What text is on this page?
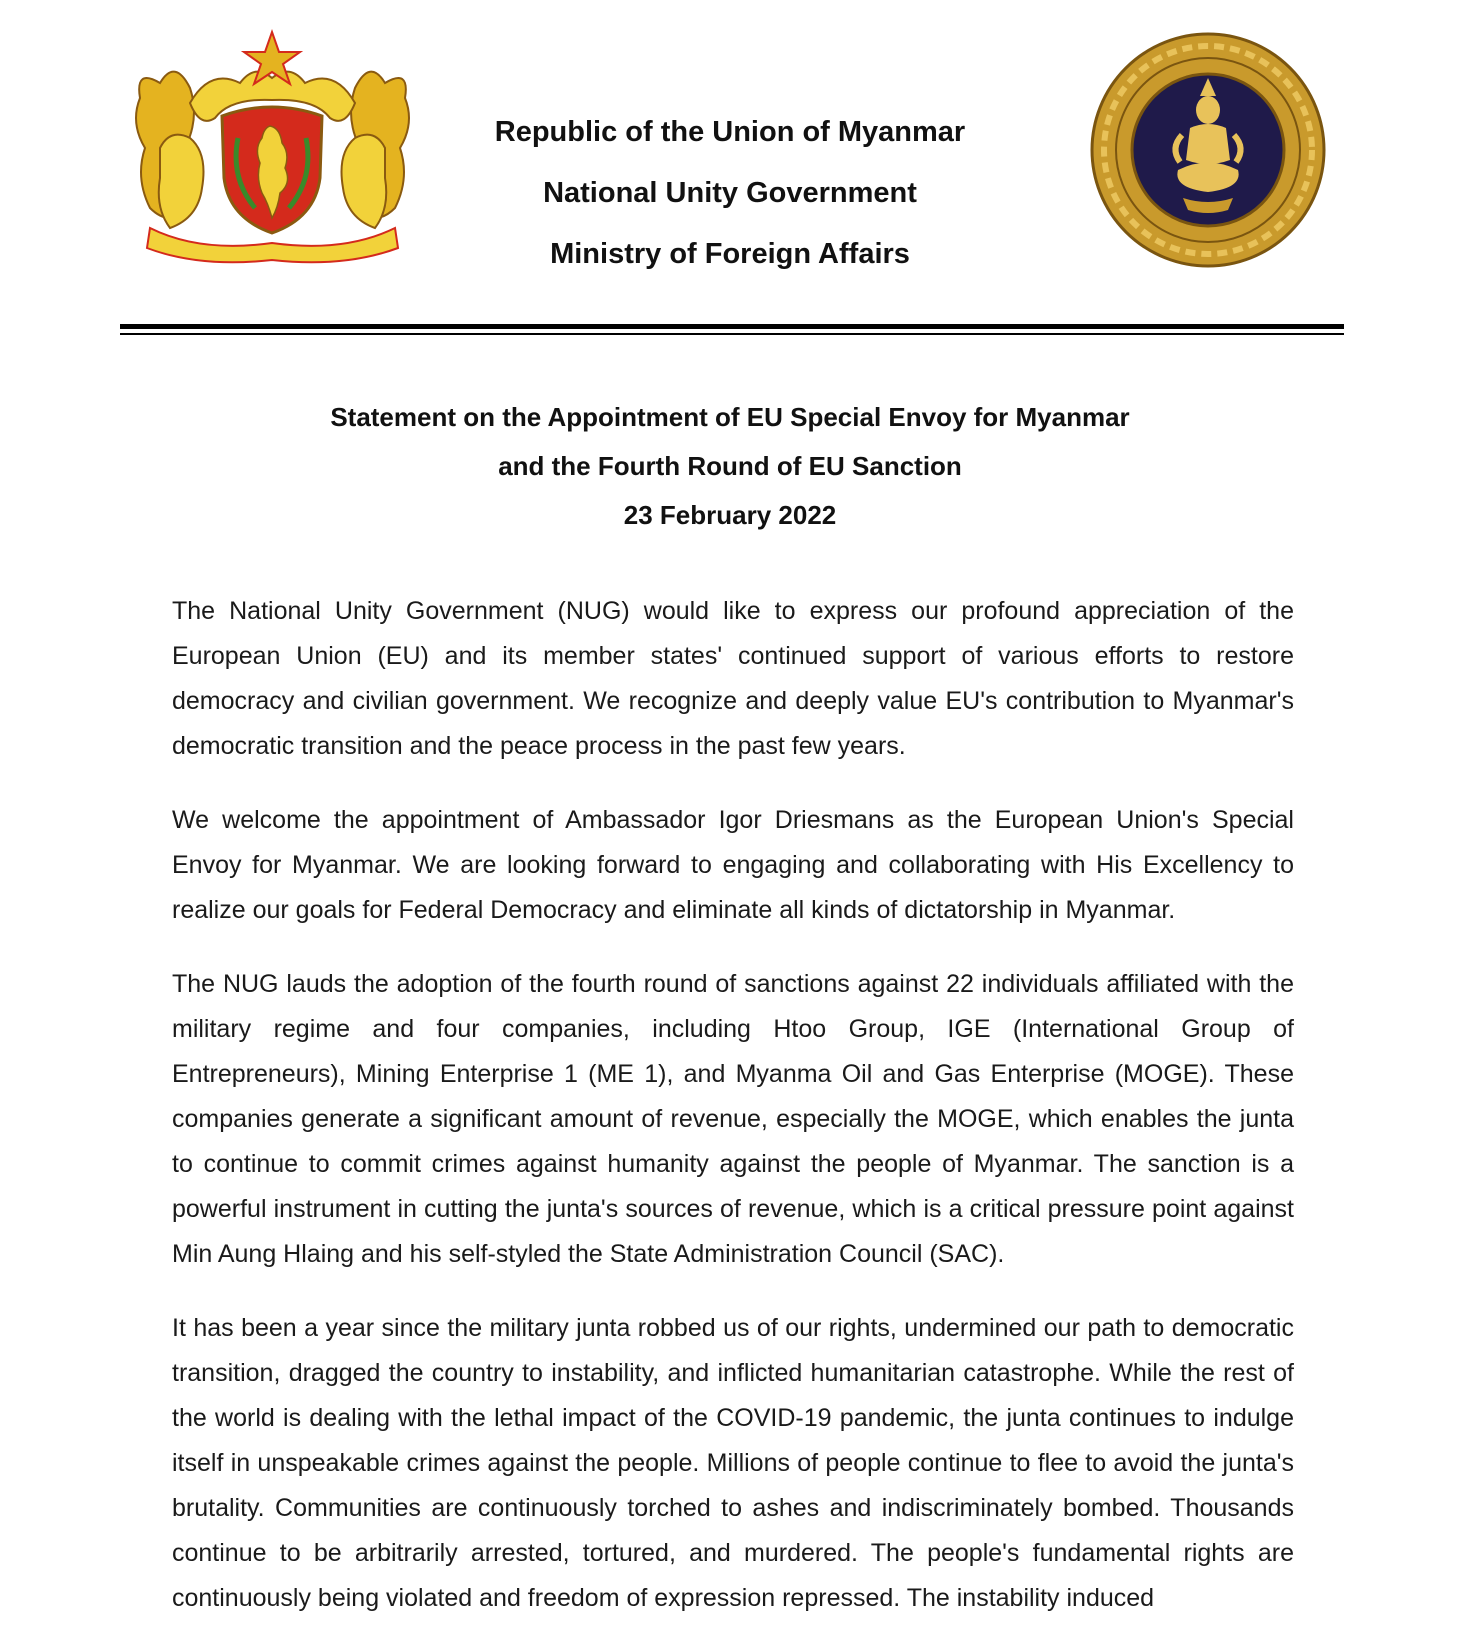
Republic of the Union of Myanmar
National Unity Government
Ministry of Foreign Affairs
Statement on the Appointment of EU Special Envoy for Myanmar
and the Fourth Round of EU Sanction
23 February 2022

The National Unity Government (NUG) would like to express our profound appreciation of the European Union (EU) and its member states' continued support of various efforts to restore democracy and civilian government. We recognize and deeply value EU's contribution to Myanmar's democratic transition and the peace process in the past few years.

We welcome the appointment of Ambassador Igor Driesmans as the European Union's Special Envoy for Myanmar. We are looking forward to engaging and collaborating with His Excellency to realize our goals for Federal Democracy and eliminate all kinds of dictatorship in Myanmar.

The NUG lauds the adoption of the fourth round of sanctions against 22 individuals affiliated with the military regime and four companies, including Htoo Group, IGE (International Group of Entrepreneurs), Mining Enterprise 1 (ME 1), and Myanma Oil and Gas Enterprise (MOGE). These companies generate a significant amount of revenue, especially the MOGE, which enables the junta to continue to commit crimes against humanity against the people of Myanmar. The sanction is a powerful instrument in cutting the junta's sources of revenue, which is a critical pressure point against Min Aung Hlaing and his self-styled the State Administration Council (SAC).

It has been a year since the military junta robbed us of our rights, undermined our path to democratic transition, dragged the country to instability, and inflicted humanitarian catastrophe. While the rest of the world is dealing with the lethal impact of the COVID-19 pandemic, the junta continues to indulge itself in unspeakable crimes against the people. Millions of people continue to flee to avoid the junta's brutality. Communities are continuously torched to ashes and indiscriminately bombed. Thousands continue to be arbitrarily arrested, tortured, and murdered. The people's fundamental rights are continuously being violated and freedom of expression repressed. The instability induced
